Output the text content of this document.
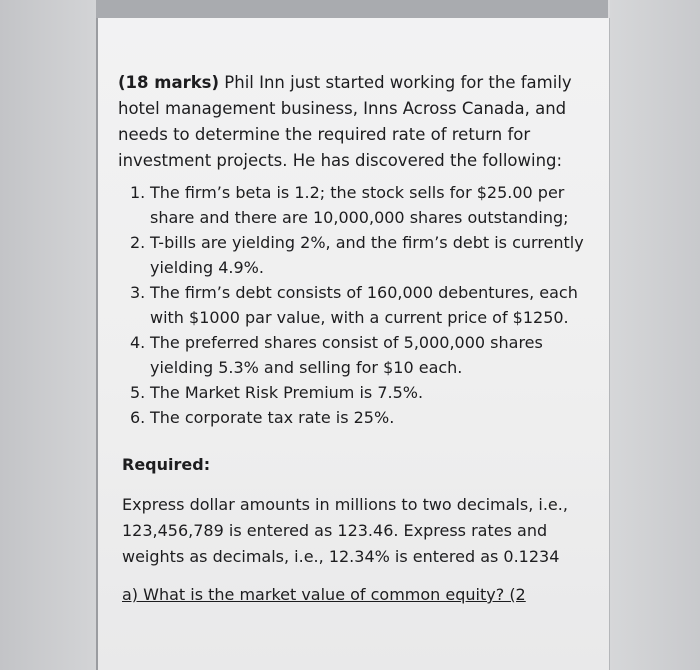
(18 marks) Phil Inn just started working for the family hotel management business, Inns Across Canada, and needs to determine the required rate of return for investment projects. He has discovered the following:

1. The firm’s beta is 1.2; the stock sells for $25.00 per share and there are 10,000,000 shares outstanding;
2. T-bills are yielding 2%, and the firm’s debt is currently yielding 4.9%.
3. The firm’s debt consists of 160,000 debentures, each with $1000 par value, with a current price of $1250.
4. The preferred shares consist of 5,000,000 shares yielding 5.3% and selling for $10 each.
5. The Market Risk Premium is 7.5%.
6. The corporate tax rate is 25%.
Required:
Express dollar amounts in millions to two decimals, i.e., 123,456,789 is entered as 123.46. Express rates and weights as decimals, i.e., 12.34% is entered as 0.1234
a) What is the market value of common equity? (2
